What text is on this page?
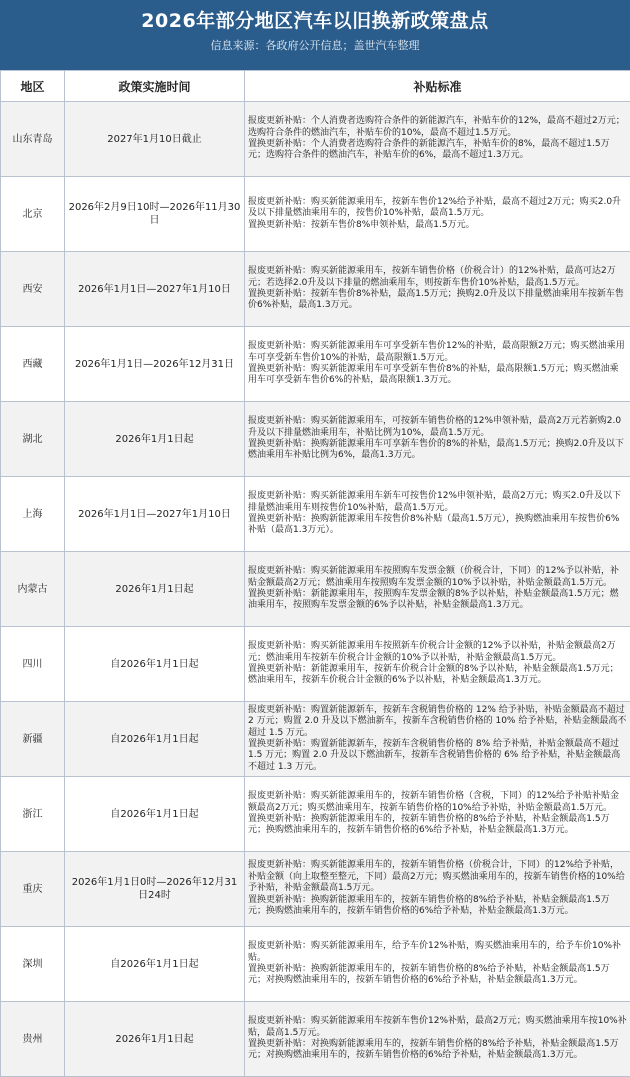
2026年部分地区汽车以旧换新政策盘点
信息来源：各政府公开信息；盖世汽车整理
地区	政策实施时间	补贴标准
山东青岛	2027年1月10日截止	报废更新补贴：个人消费者选购符合条件的新能源汽车，补贴车价的12%，最高不超过2万元；选购符合条件的燃油汽车，补贴车价的10%，最高不超过1.5万元。
置换更新补贴：个人消费者选购符合条件的新能源汽车，补贴车价的8%，最高不超过1.5万元；选购符合条件的燃油汽车，补贴车价的6%，最高不超过1.3万元。

北京	2026年2月9日10时—2026年11月30日	报废更新补贴：购买新能源乘用车，按新车售价12%给予补贴，最高不超过2万元；购买2.0升及以下排量燃油乘用车的，按售价10%补贴，最高1.5万元。
置换更新补贴：按新车售价8%申领补贴，最高1.5万元。

西安	2026年1月1日—2027年1月10日	报废更新补贴：购买新能源乘用车，按新车销售价格（价税合计）的12%补贴，最高可达2万元；若选择2.0升及以下排量的燃油乘用车，则按新车售价10%补贴，最高1.5万元。
置换更新补贴：按新车售价8%补贴，最高1.5万元；换购2.0升及以下排量燃油乘用车按新车售价6%补贴，最高1.3万元。

西藏	2026年1月1日—2026年12月31日	报废更新补贴：购买新能源乘用车可享受新车售价12%的补贴，最高限额2万元；购买燃油乘用车可享受新车售价10%的补贴，最高限额1.5万元。
置换更新补贴：购买新能源乘用车可享受新车售价8%的补贴，最高限额1.5万元；购买燃油乘用车可享受新车售价6%的补贴，最高限额1.3万元。

湖北	2026年1月1日起	报废更新补贴：购买新能源乘用车，可按新车销售价格的12%申领补贴，最高2万元若新购2.0升及以下排量燃油乘用车，补贴比例为10%，最高1.5万元。
置换更新补贴：换购新能源乘用车可享新车售价的8%的补贴，最高1.5万元；换购2.0升及以下燃油乘用车补贴比例为6%，最高1.3万元。

上海	2026年1月1日—2027年1月10日	报废更新补贴：购买新能源乘用车新车可按售价12%申领补贴，最高2万元；购买2.0升及以下排量燃油乘用车则按售价10%补贴，最高1.5万元。
置换更新补贴：换购新能源乘用车按售价8%补贴（最高1.5万元），换购燃油乘用车按售价6%补贴（最高1.3万元）。

内蒙古	2026年1月1日起	报废更新补贴：购买新能源乘用车按照购车发票金额（价税合计，下同）的12%予以补贴，补贴金额最高2万元；燃油乘用车按照购车发票金额的10%予以补贴，补贴金额最高1.5万元。
置换更新补贴：新能源乘用车，按照购车发票金额的8%予以补贴，补贴金额最高1.5万元；燃油乘用车，按照购车发票金额的6%予以补贴，补贴金额最高1.3万元。

四川	自2026年1月1日起	报废更新补贴：购买新能源乘用车按照新车价税合计金额的12%予以补贴，补贴金额最高2万元；燃油乘用车按新车价税合计金额的10%予以补贴，补贴金额最高1.5万元。
置换更新补贴：新能源乘用车，按新车价税合计金额的8%予以补贴，补贴金额最高1.5万元；燃油乘用车，按新车价税合计金额的6%予以补贴，补贴金额最高1.3万元。

新疆	自2026年1月1日起	报废更新补贴：购置新能源新车，按新车含税销售价格的 12% 给予补贴，补贴金额最高不超过 2 万元；购置 2.0 升及以下燃油新车，按新车含税销售价格的 10% 给予补贴，补贴金额最高不超过 1.5 万元。
置换更新补贴：购置新能源新车，按新车含税销售价格的 8% 给予补贴，补贴金额最高不超过 1.5 万元；购置 2.0 升及以下燃油新车，按新车含税销售价格的 6% 给予补贴，补贴金额最高不超过 1.3 万元。

浙江	自2026年1月1日起	报废更新补贴：购买新能源乘用车的，按新车销售价格（含税，下同）的12%给予补贴补贴金额最高2万元；购买燃油乘用车，按新车销售价格的10%给予补贴，补贴金额最高1.5万元。
置换更新补贴：换购新能源乘用车的，按新车销售价格的8%给予补贴，补贴金额最高1.5万元；换购燃油乘用车的，按新车销售价格的6%给予补贴，补贴金额最高1.3万元。

重庆	2026年1月1日0时—2026年12月31日24时	报废更新补贴：购买新能源乘用车的，按新车销售价格（价税合计，下同）的12%给予补贴，补贴金额（向上取整至整元，下同）最高2万元；购买燃油乘用车的，按新车销售价格的10%给予补贴，补贴金额最高1.5万元。
置换更新补贴：换购新能源乘用车的，按新车销售价格的8%给予补贴，补贴金额最高1.5万元；换购燃油乘用车的，按新车销售价格的6%给予补贴，补贴金额最高1.3万元。

深圳	自2026年1月1日起	报废更新补贴：购买新能源乘用车，给予车价12%补贴，购买燃油乘用车的，给予车价10%补贴。
置换更新补贴：换购新能源乘用车的，按新车销售价格的8%给予补贴，补贴金额最高1.5万元；对换购燃油乘用车的，按新车销售价格的6%给予补贴，补贴金额最高1.3万元。

贵州	2026年1月1日起	报废更新补贴：购买新能源乘用车按新车售价12%补贴，最高2万元；购买燃油乘用车按10%补贴，最高1.5万元。
置换更新补贴：对换购新能源乘用车的，按新车销售价格的8%给予补贴，补贴金额最高1.5万元；对换购燃油乘用车的，按新车销售价格的6%给予补贴，补贴金额最高1.3万元。
